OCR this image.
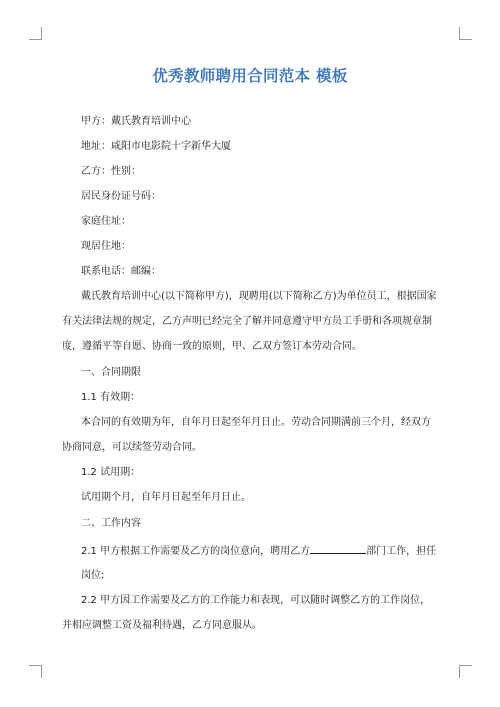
优秀教师聘用合同范本 模板
甲方：戴氏教育培训中心
地址：咸阳市电影院十字新华大厦
乙方：性别：
居民身份证号码：
家庭住址：
现居住地：
联系电话：邮编：
戴氏教育培训中心(以下简称甲方)，现聘用(以下简称乙方)为单位员工，根据国家
有关法律法规的规定，乙方声明已经完全了解并同意遵守甲方员工手册和各项规章制
度，遵循平等自愿、协商一致的原则，甲、乙双方签订本劳动合同。
一、合同期限
1.1 有效期：
本合同的有效期为年，自年月日起至年月日止。劳动合同期满前三个月，经双方
协商同意，可以续签劳动合同。
1.2 试用期：
试用期个月，自年月日起至年月日止。
二、工作内容
2.1 甲方根据工作需要及乙方的岗位意向，聘用乙方	部门工作，担任
岗位;
2.2 甲方因工作需要及乙方的工作能力和表现，可以随时调整乙方的工作岗位，
并相应调整工资及福利待遇，乙方同意服从。
